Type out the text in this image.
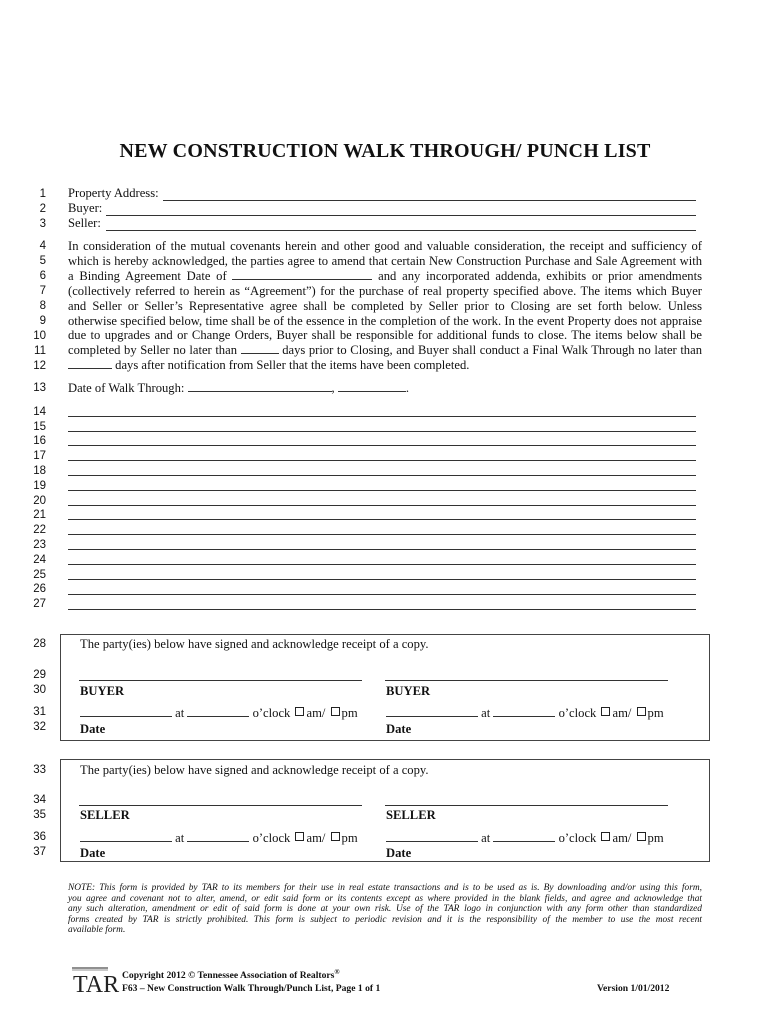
NEW CONSTRUCTION WALK THROUGH/ PUNCH LIST
1
2
3
4
5
6
7
8
9
10
11
12
13
14
15
16
17
18
19
20
21
22
23
24
25
26
27
28
29
30
31
32
33
34
35
36
37
Property Address:
Buyer:
Seller:

In consideration of the mutual covenants herein and other good and valuable consideration, the receipt and sufficiency of

which is hereby acknowledged, the parties agree to amend that certain New Construction Purchase and Sale Agreement with

a Binding Agreement Date of	and any incorporated addenda, exhibits or prior amendments

(collectively referred to herein as “Agreement”) for the purchase of real property specified above. The items which Buyer

and Seller or Seller’s Representative agree shall be completed by Seller prior to Closing are set forth below. Unless

otherwise specified below, time shall be of the essence in the completion of the work. In the event Property does not appraise

due to upgrades and or Change Orders, Buyer shall be responsible for additional funds to close. The items below shall be

completed by Seller no later than	days prior to Closing, and Buyer shall conduct a Final Walk Through no later than

days after notification from Seller that the items have been completed.

Date of Walk Through:	,	.
The party(ies) below have signed and acknowledge receipt of a copy.
BUYER
at	o’clock am/ pm
Date
BUYER
at	o’clock am/ pm
Date
The party(ies) below have signed and acknowledge receipt of a copy.
SELLER
at	o’clock am/ pm
Date
SELLER
at	o’clock am/ pm
Date

NOTE: This form is provided by TAR to its members for their use in real estate transactions and is to be used as is. By downloading and/or using this form,

you agree and covenant not to alter, amend, or edit said form or its contents except as where provided in the blank fields, and agree and acknowledge that

any such alteration, amendment or edit of said form is done at your own risk. Use of the TAR logo in conjunction with any form other than standardized

forms created by TAR is strictly prohibited. This form is subject to periodic revision and it is the responsibility of the member to use the most recent

available form.

TAR Copyright 2012 © Tennessee Association of Realtors®
F63 – New Construction Walk Through/Punch List, Page 1 of 1	Version 1/01/2012
